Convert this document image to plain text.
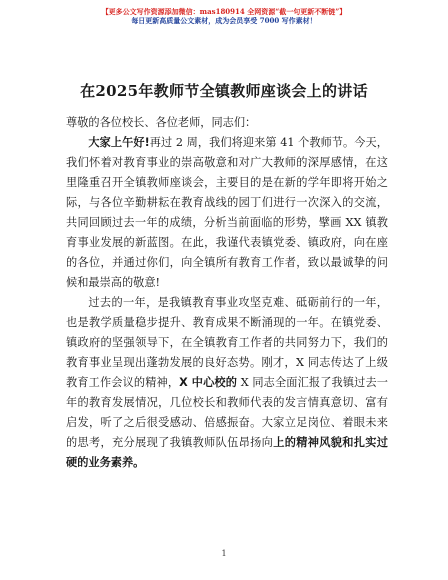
【更多公文写作资源添加微信：mas180914 全网资源“截一句更新不断链”】
每日更新高质量公文素材，成为会员享受 7000 写作素材！
在2025年教师节全镇教师座谈会上的讲话

尊敬的各位校长、各位老师，同志们：

大家上午好!再过 2 周，我们将迎来第 41 个教师节。今天，我们怀着对教育事业的崇高敬意和对广大教师的深厚感情，在这里隆重召开全镇教师座谈会，主要目的是在新的学年即将开始之际，与各位辛勤耕耘在教育战线的园丁们进行一次深入的交流，共同回顾过去一年的成绩，分析当前面临的形势，擘画 XX 镇教育事业发展的新蓝图。在此，我谨代表镇党委、镇政府，向在座的各位，并通过你们，向全镇所有教育工作者，致以最诚挚的问候和最崇高的敬意!

过去的一年，是我镇教育事业攻坚克难、砥砺前行的一年，也是教学质量稳步提升、教育成果不断涌现的一年。在镇党委、镇政府的坚强领导下，在全镇教育工作者的共同努力下，我们的教育事业呈现出蓬勃发展的良好态势。刚才，X 同志传达了上级教育工作会议的精神，X 中心校的 X 同志全面汇报了我镇过去一年的教育发展情况，几位校长和教师代表的发言情真意切、富有启发，听了之后很受感动、倍感振奋。大家立足岗位、着眼未来的思考，充分展现了我镇教师队伍昂扬向上的精神风貌和扎实过硬的业务素养。

1
